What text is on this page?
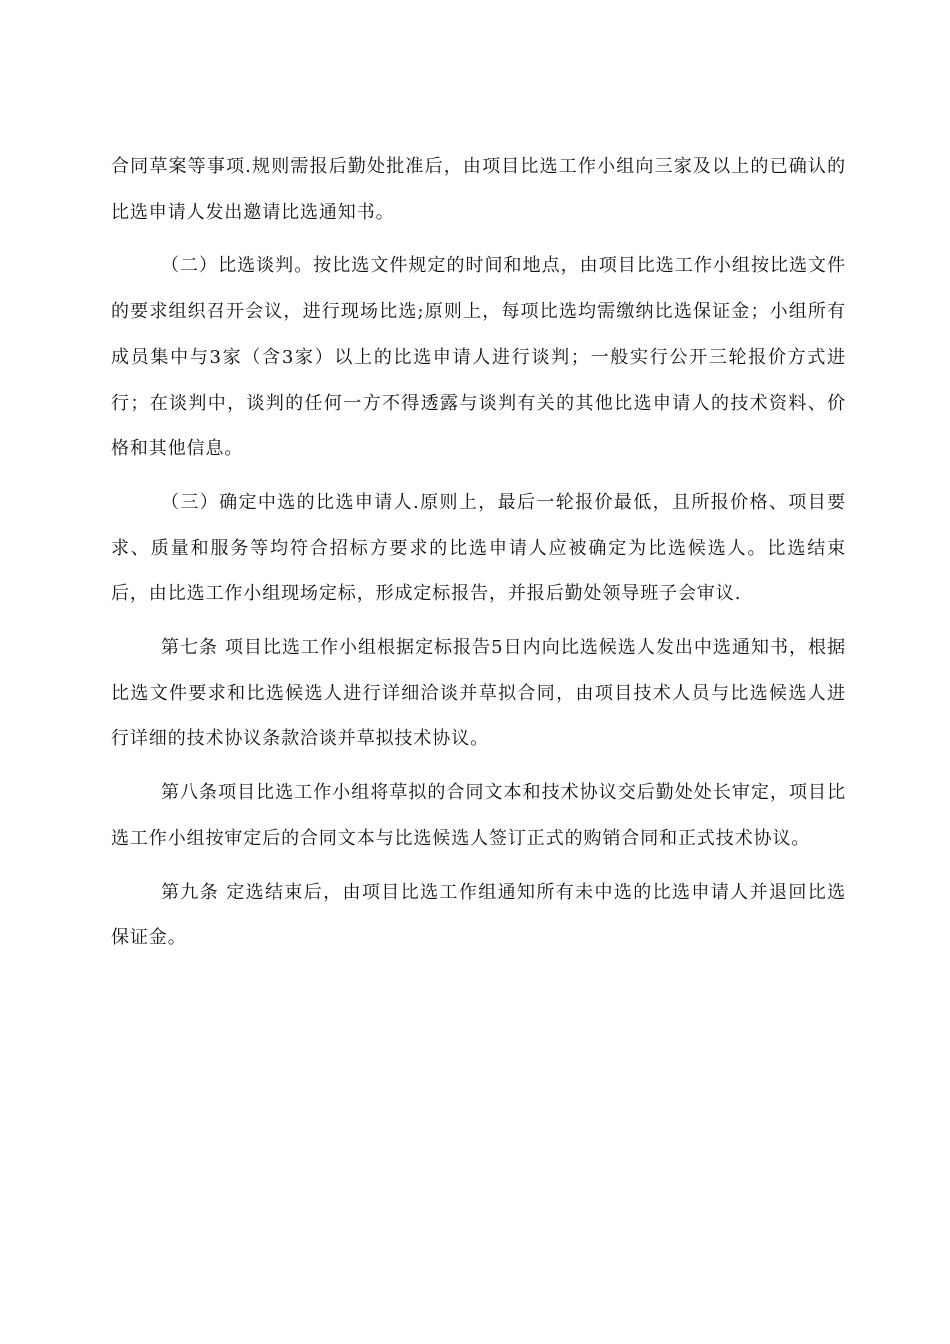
合同草案等事项.规则需报后勤处批准后，由项目比选工作小组向三家及以上的已确认的比选申请人发出邀请比选通知书。

（二）比选谈判。按比选文件规定的时间和地点，由项目比选工作小组按比选文件的要求组织召开会议，进行现场比选;原则上，每项比选均需缴纳比选保证金；小组所有成员集中与3家（含3家）以上的比选申请人进行谈判；一般实行公开三轮报价方式进行；在谈判中，谈判的任何一方不得透露与谈判有关的其他比选申请人的技术资料、价格和其他信息。

（三）确定中选的比选申请人.原则上，最后一轮报价最低，且所报价格、项目要求、质量和服务等均符合招标方要求的比选申请人应被确定为比选候选人。比选结束后，由比选工作小组现场定标，形成定标报告，并报后勤处领导班子会审议.

第七条 项目比选工作小组根据定标报告5日内向比选候选人发出中选通知书，根据比选文件要求和比选候选人进行详细洽谈并草拟合同，由项目技术人员与比选候选人进行详细的技术协议条款洽谈并草拟技术协议。

第八条项目比选工作小组将草拟的合同文本和技术协议交后勤处处长审定，项目比选工作小组按审定后的合同文本与比选候选人签订正式的购销合同和正式技术协议。

第九条 定选结束后，由项目比选工作组通知所有未中选的比选申请人并退回比选保证金。
